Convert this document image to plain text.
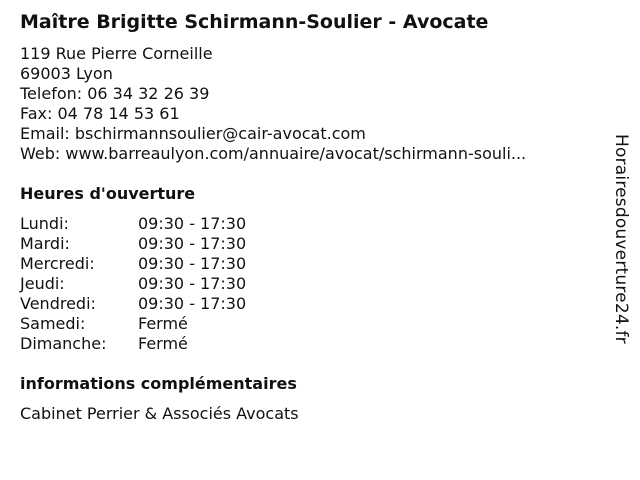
Maître Brigitte Schirmann-Soulier - Avocate
119 Rue Pierre Corneille
69003 Lyon
Telefon: 06 34 32 26 39
Fax: 04 78 14 53 61
Email: bschirmannsoulier@cair-avocat.com
Web: www.barreaulyon.com/annuaire/avocat/schirmann-souli...
Heures d'ouverture
Lundi:	09:30 - 17:30
Mardi:	09:30 - 17:30
Mercredi:	09:30 - 17:30
Jeudi:	09:30 - 17:30
Vendredi:	09:30 - 17:30
Samedi:	Fermé
Dimanche:	Fermé
informations complémentaires
Cabinet Perrier & Associés Avocats
Horairesdouverture24.fr
